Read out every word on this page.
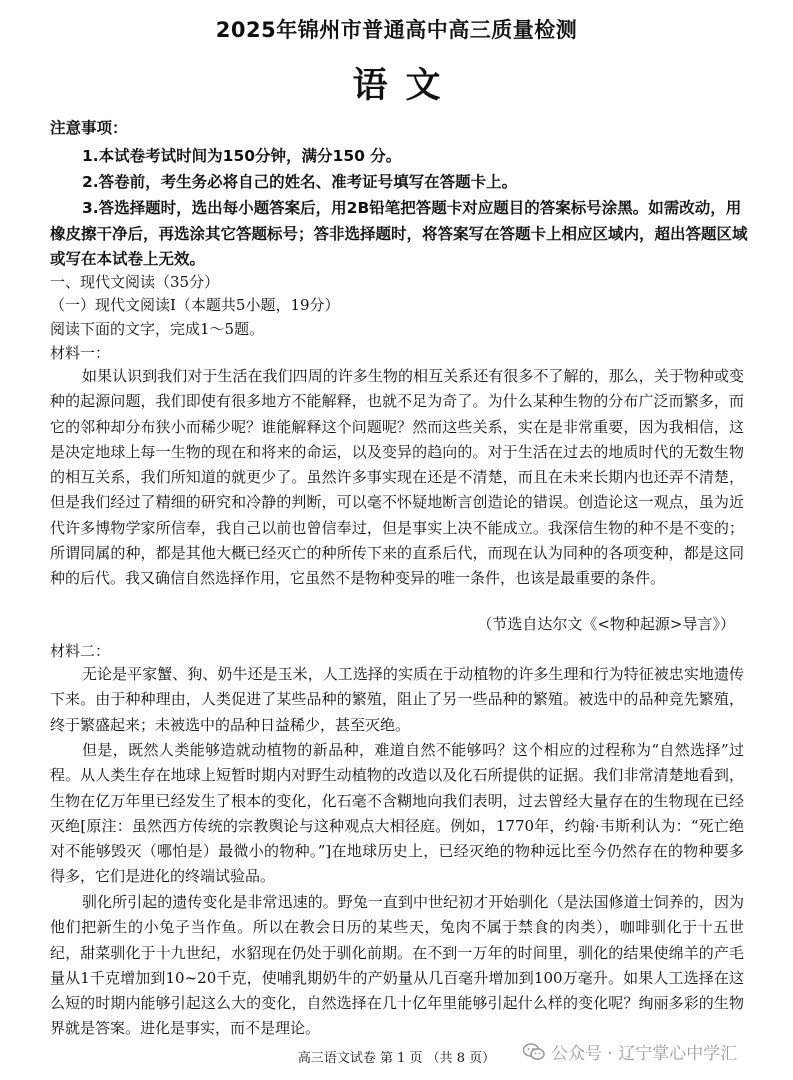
2025年锦州市普通高中高三质量检测
语文
注意事项：
1.本试卷考试时间为150分钟，满分150 分。
2.答卷前，考生务必将自己的姓名、准考证号填写在答题卡上。
3.答选择题时，选出每小题答案后，用2B铅笔把答题卡对应题目的答案标号涂黑。如需改动，用橡皮擦干净后，再选涂其它答题标号；答非选择题时，将答案写在答题卡上相应区域内，超出答题区域或写在本试卷上无效。
一、现代文阅读（35分）
（一）现代文阅读Ⅰ（本题共5小题，19分）
阅读下面的文字，完成1～5题。
材料一：
如果认识到我们对于生活在我们四周的许多生物的相互关系还有很多不了解的，那么，关于物种或变种的起源问题，我们即使有很多地方不能解释，也就不足为奇了。为什么某种生物的分布广泛而繁多，而它的邻种却分布狭小而稀少呢？谁能解释这个问题呢？然而这些关系，实在是非常重要，因为我相信，这是决定地球上每一生物的现在和将来的命运，以及变异的趋向的。对于生活在过去的地质时代的无数生物的相互关系，我们所知道的就更少了。虽然许多事实现在还是不清楚，而且在未来长期内也还弄不清楚，但是我们经过了精细的研究和冷静的判断，可以毫不怀疑地断言创造论的错误。创造论这一观点，虽为近代许多博物学家所信奉，我自己以前也曾信奉过，但是事实上决不能成立。我深信生物的种不是不变的；所谓同属的种，都是其他大概已经灭亡的种所传下来的直系后代，而现在认为同种的各项变种，都是这同种的后代。我又确信自然选择作用，它虽然不是物种变异的唯一条件，也该是最重要的条件。
（节选自达尔文《<物种起源>导言》）
材料二：
无论是平家蟹、狗、奶牛还是玉米，人工选择的实质在于动植物的许多生理和行为特征被忠实地遗传下来。由于种种理由，人类促进了某些品种的繁殖，阻止了另一些品种的繁殖。被选中的品种竞先繁殖，终于繁盛起来；未被选中的品种日益稀少，甚至灭绝。
但是，既然人类能够造就动植物的新品种，难道自然不能够吗？这个相应的过程称为“自然选择”过程。从人类生存在地球上短暂时期内对野生动植物的改造以及化石所提供的证据。我们非常清楚地看到，生物在亿万年里已经发生了根本的变化，化石毫不含糊地向我们表明，过去曾经大量存在的生物现在已经灭绝[原注：虽然西方传统的宗教舆论与这种观点大相径庭。例如，1770年，约翰·韦斯利认为：“死亡绝对不能够毁灭（哪怕是）最微小的物种。”]在地球历史上，已经灭绝的物种远比至今仍然存在的物种要多得多，它们是进化的终端试验品。
驯化所引起的遗传变化是非常迅速的。野兔一直到中世纪初才开始驯化（是法国修道士饲养的，因为他们把新生的小兔子当作鱼。所以在教会日历的某些天，兔肉不属于禁食的肉类），咖啡驯化于十五世纪，甜菜驯化于十九世纪，水貂现在仍处于驯化前期。在不到一万年的时间里，驯化的结果使绵羊的产毛量从1千克增加到10~20千克，使哺乳期奶牛的产奶量从几百毫升增加到100万毫升。如果人工选择在这么短的时期内能够引起这么大的变化，自然选择在几十亿年里能够引起什么样的变化呢？绚丽多彩的生物界就是答案。进化是事实，而不是理论。
高三语文试卷 第 1 页 （共 8 页）	公众号 · 辽宁掌心中学汇
